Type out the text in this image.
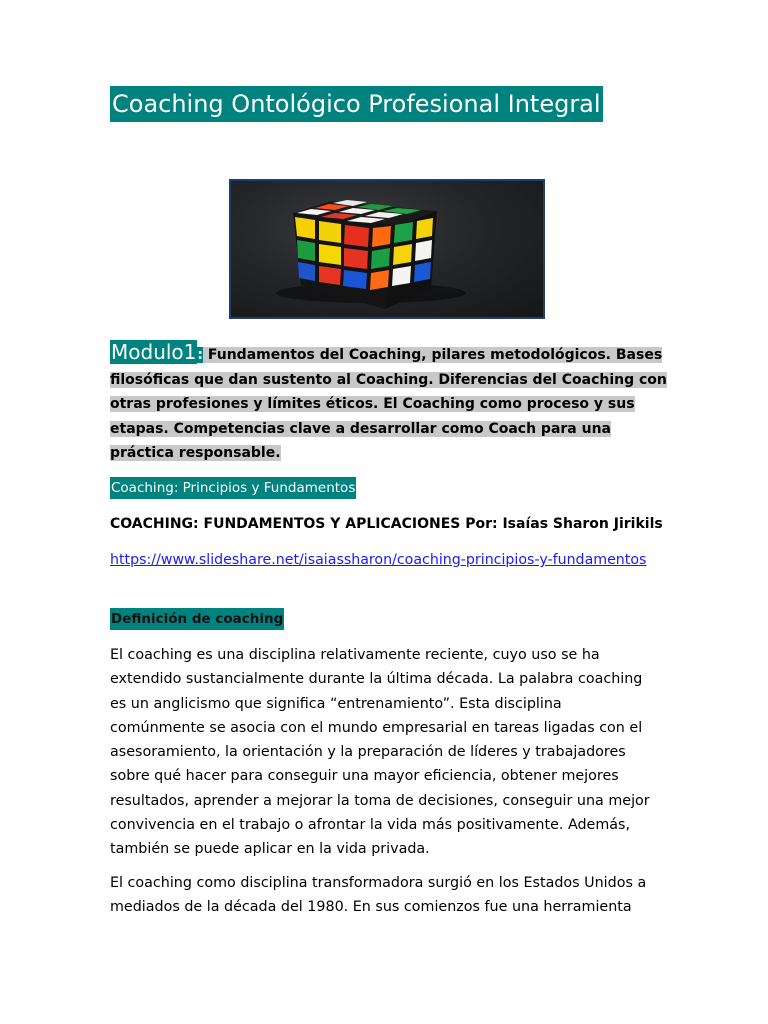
Coaching Ontológico Profesional Integral
Modulo1: Fundamentos del Coaching, pilares metodológicos. Bases filosóficas que dan sustento al Coaching. Diferencias del Coaching con otras profesiones y límites éticos. El Coaching como proceso y sus etapas. Competencias clave a desarrollar como Coach para una práctica responsable.
Coaching: Principios y Fundamentos
COACHING: FUNDAMENTOS Y APLICACIONES Por: Isaías Sharon Jirikils
https://www.slideshare.net/isaiassharon/coaching-principios-y-fundamentos
Definición de coaching

El coaching es una disciplina relativamente reciente, cuyo uso se ha extendido sustancialmente durante la última década. La palabra coaching es un anglicismo que significa “entrenamiento”. Esta disciplina comúnmente se asocia con el mundo empresarial en tareas ligadas con el asesoramiento, la orientación y la preparación de líderes y trabajadores sobre qué hacer para conseguir una mayor eficiencia, obtener mejores resultados, aprender a mejorar la toma de decisiones, conseguir una mejor convivencia en el trabajo o afrontar la vida más positivamente. Además, también se puede aplicar en la vida privada.

El coaching como disciplina transformadora surgió en los Estados Unidos a mediados de la década del 1980. En sus comienzos fue una herramienta
